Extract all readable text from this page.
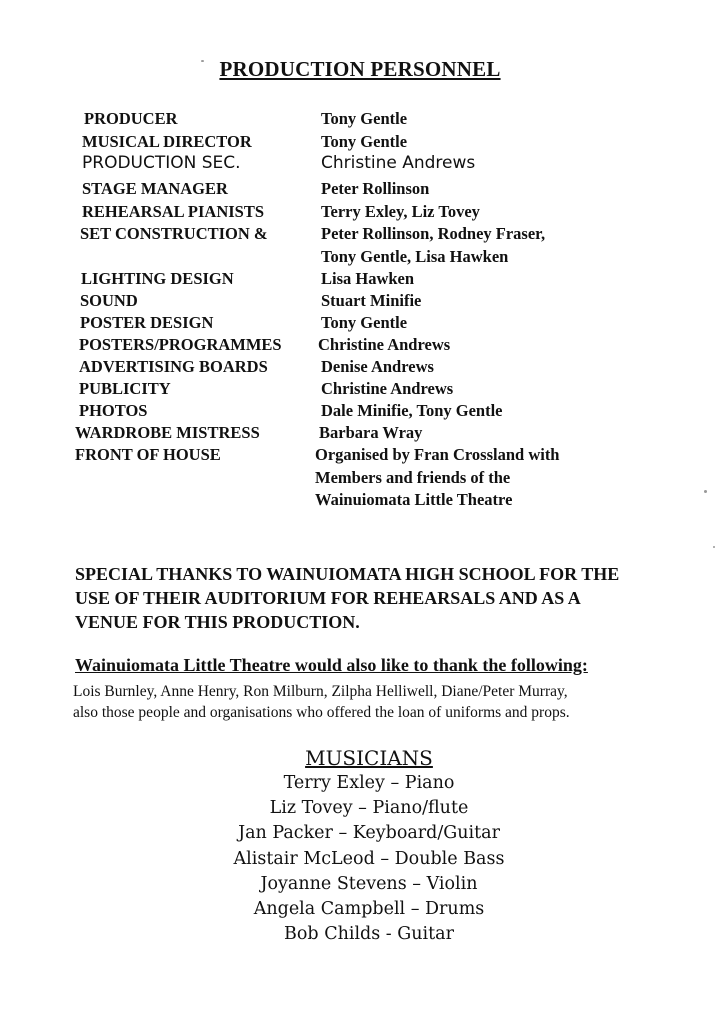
PRODUCTION PERSONNEL
PRODUCER	Tony Gentle
MUSICAL DIRECTOR	Tony Gentle
PRODUCTION SEC.	Christine Andrews
STAGE MANAGER	Peter Rollinson
REHEARSAL PIANISTS	Terry Exley, Liz Tovey
SET CONSTRUCTION &	Peter Rollinson, Rodney Fraser,
Tony Gentle, Lisa Hawken
LIGHTING DESIGN	Lisa Hawken
SOUND	Stuart Minifie
POSTER DESIGN	Tony Gentle
POSTERS/PROGRAMMES Christine Andrews
ADVERTISING BOARDS	Denise Andrews
PUBLICITY	Christine Andrews
PHOTOS	Dale Minifie, Tony Gentle
WARDROBE MISTRESS	Barbara Wray
FRONT OF HOUSE	Organised by Fran Crossland with
Members and friends of the
Wainuiomata Little Theatre
SPECIAL THANKS TO WAINUIOMATA HIGH SCHOOL FOR THE
USE OF THEIR AUDITORIUM FOR REHEARSALS AND AS A
VENUE FOR THIS PRODUCTION.
Wainuiomata Little Theatre would also like to thank the following:
Lois Burnley, Anne Henry, Ron Milburn, Zilpha Helliwell, Diane/Peter Murray,
also those people and organisations who offered the loan of uniforms and props.
MUSICIANS
Terry Exley – Piano
Liz Tovey – Piano/flute
Jan Packer – Keyboard/Guitar
Alistair McLeod – Double Bass
Joyanne Stevens – Violin
Angela Campbell – Drums
Bob Childs - Guitar
